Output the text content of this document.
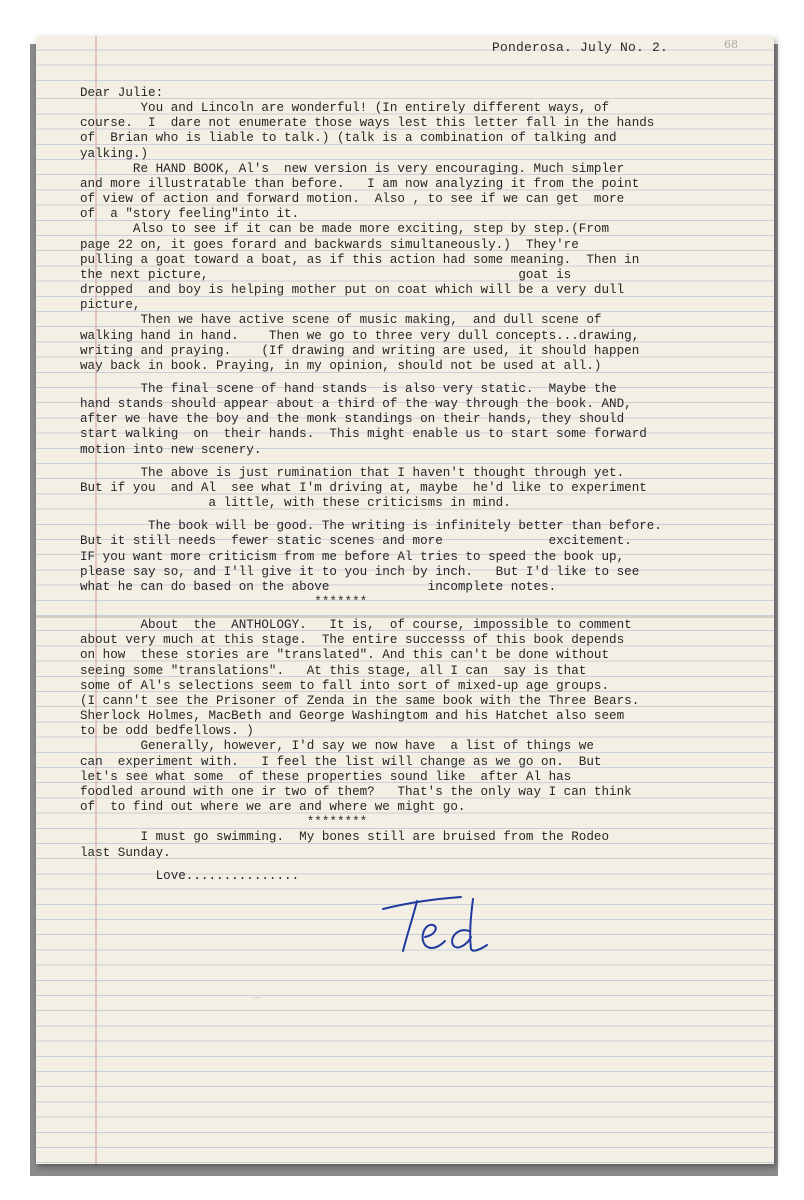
Ponderosa. July No. 2.	68
Dear Julie:
You and Lincoln are wonderful! (In entirely different ways, of
course.  I  dare not enumerate those ways lest this letter fall in the hands
of  Brian who is liable to talk.) (talk is a combination of talking and
yalking.)
Re HAND BOOK, Al's  new version is very encouraging. Much simpler
and more illustratable than before.   I am now analyzing it from the point
of view of action and forward motion.  Also , to see if we can get  more
of  a "story feeling"into it.
Also to see if it can be made more exciting, step by step.(From
page 22 on, it goes forard and backwards simultaneously.)  They're
pulling a goat toward a boat, as if this action had some meaning.  Then in
the next picture,                                         goat is
dropped  and boy is helping mother put on coat which will be a very dull
picture,
Then we have active scene of music making,  and dull scene of
walking hand in hand.    Then we go to three very dull concepts...drawing,
writing and praying.    (If drawing and writing are used, it should happen
way back in book. Praying, in my opinion, should not be used at all.)
The final scene of hand stands  is also very static.  Maybe the
hand stands should appear about a third of the way through the book. AND,
after we have the boy and the monk standings on their hands, they should
start walking  on  their hands.  This might enable us to start some forward
motion into new scenery.
The above is just rumination that I haven't thought through yet.
But if you  and Al  see what I'm driving at, maybe  he'd like to experiment
a little, with these criticisms in mind.
The book will be good. The writing is infinitely better than before.
But it still needs  fewer static scenes and more              excitement.
IF you want more criticism from me before Al tries to speed the book up,
please say so, and I'll give it to you inch by inch.   But I'd like to see
what he can do based on the above             incomplete notes.
*******
About  the  ANTHOLOGY.   It is,  of course, impossible to comment
about very much at this stage.  The entire successs of this book depends
on how  these stories are "translated". And this can't be done without
seeing some "translations".   At this stage, all I can  say is that
some of Al's selections seem to fall into sort of mixed-up age groups.
(I cann't see the Prisoner of Zenda in the same book with the Three Bears.
Sherlock Holmes, MacBeth and George Washingtom and his Hatchet also seem
to be odd bedfellows. )
Generally, however, I'd say we now have  a list of things we
can  experiment with.   I feel the list will change as we go on.  But
let's see what some  of these properties sound like  after Al has
foodled around with one ir two of them?   That's the only way I can think
of  to find out where we are and where we might go.
********
I must go swimming.  My bones still are bruised from the Rodeo
last Sunday.
Love...............
~
